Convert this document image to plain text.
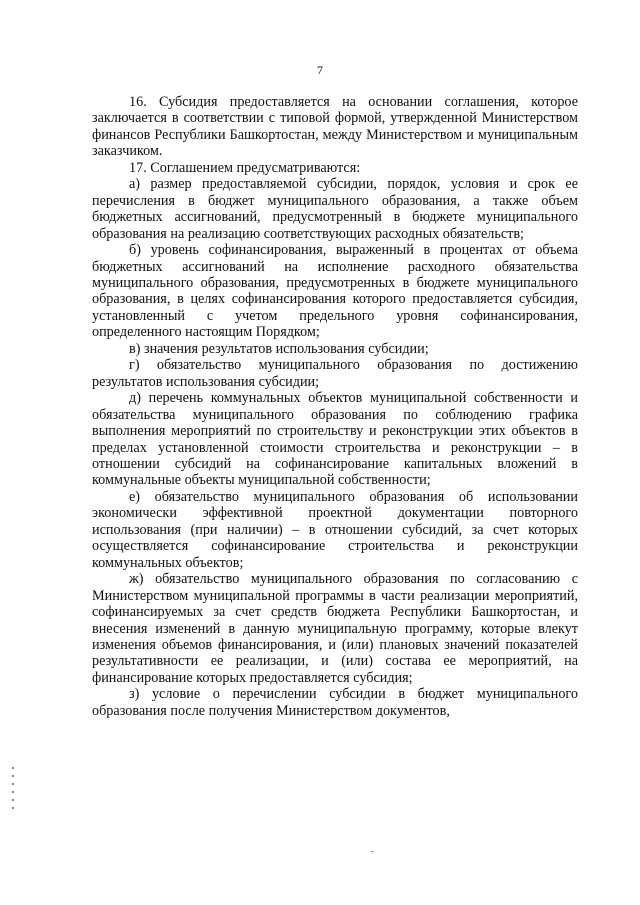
7

16. Субсидия предоставляется на основании соглашения, которое заключается в соответствии с типовой формой, утвержденной Министерством финансов Республики Башкортостан, между Министерством и муниципальным заказчиком.

17. Соглашением предусматриваются:

а) размер предоставляемой субсидии, порядок, условия и срок ее перечисления в бюджет муниципального образования, а также объем бюджетных ассигнований, предусмотренный в бюджете муниципального образования на реализацию соответствующих расходных обязательств;

б) уровень софинансирования, выраженный в процентах от объема бюджетных ассигнований на исполнение расходного обязательства муниципального образования, предусмотренных в бюджете муниципального образования, в целях софинансирования которого предоставляется субсидия, установленный с учетом предельного уровня софинансирования, определенного настоящим Порядком;

в) значения результатов использования субсидии;

г) обязательство муниципального образования по достижению результатов использования субсидии;

д) перечень коммунальных объектов муниципальной собственности и обязательства муниципального образования по соблюдению графика выполнения мероприятий по строительству и реконструкции этих объектов в пределах установленной стоимости строительства и реконструкции – в отношении субсидий на софинансирование капитальных вложений в коммунальные объекты муниципальной собственности;

е) обязательство муниципального образования об использовании экономически эффективной проектной документации повторного использования (при наличии) – в отношении субсидий, за счет которых осуществляется софинансирование строительства и реконструкции коммунальных объектов;

ж) обязательство муниципального образования по согласованию с Министерством муниципальной программы в части реализации мероприятий, софинансируемых за счет средств бюджета Республики Башкортостан, и внесения изменений в данную муниципальную программу, которые влекут изменения объемов финансирования, и (или) плановых значений показателей результативности ее реализации, и (или) состава ее мероприятий, на финансирование которых предоставляется субсидия;

з) условие о перечислении субсидии в бюджет муниципального образования после получения Министерством документов,
